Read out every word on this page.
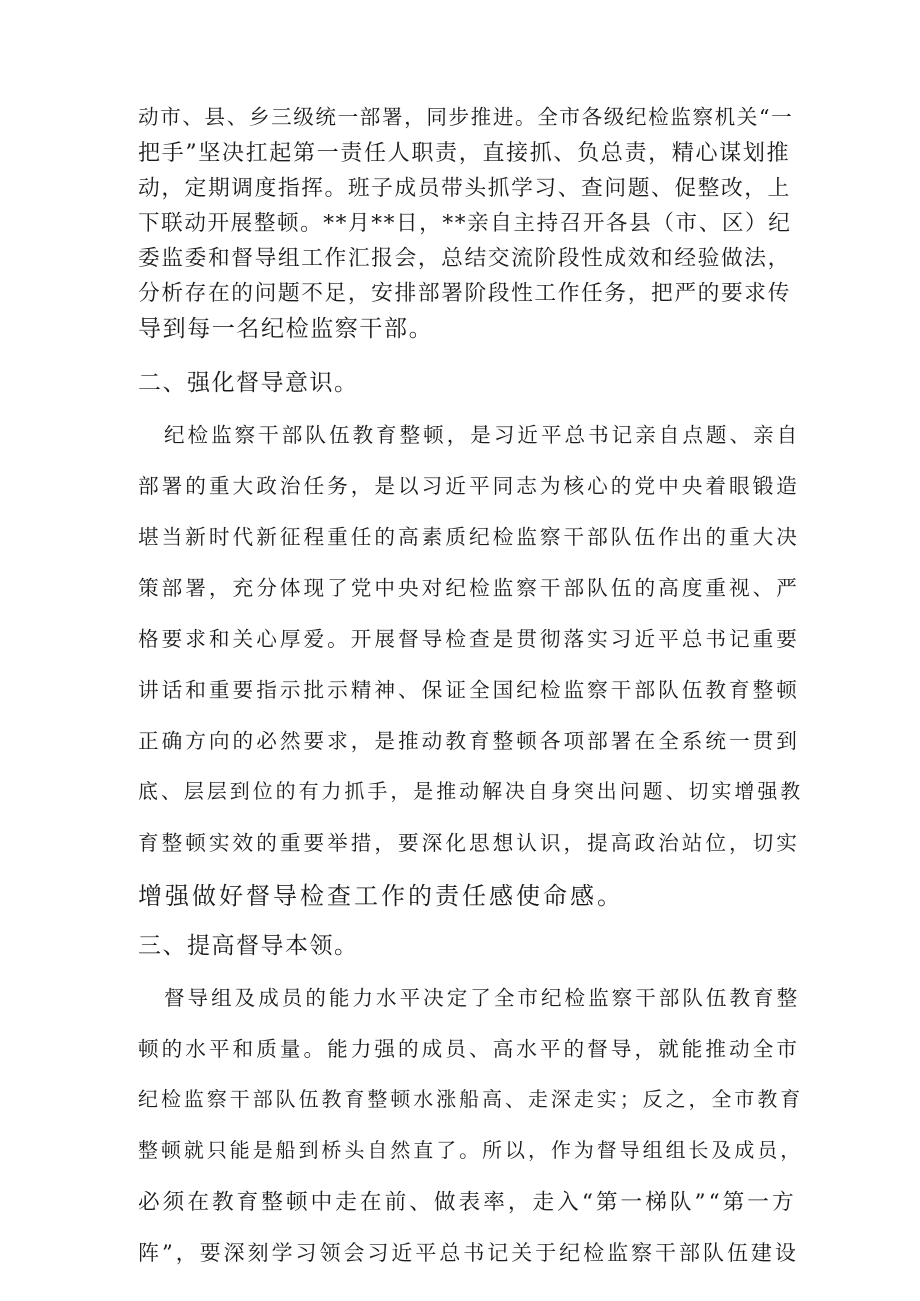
动市、县、乡三级统一部署，同步推进。全市各级纪检监察机关“一
把手”坚决扛起第一责任人职责，直接抓、负总责，精心谋划推
动，定期调度指挥。班子成员带头抓学习、查问题、促整改，上
下联动开展整顿。**月**日，**亲自主持召开各县（市、区）纪
委监委和督导组工作汇报会，总结交流阶段性成效和经验做法，
分析存在的问题不足，安排部署阶段性工作任务，把严的要求传
导到每一名纪检监察干部。
二、强化督导意识。
纪检监察干部队伍教育整顿，是习近平总书记亲自点题、亲自
部署的重大政治任务，是以习近平同志为核心的党中央着眼锻造
堪当新时代新征程重任的高素质纪检监察干部队伍作出的重大决
策部署，充分体现了党中央对纪检监察干部队伍的高度重视、严
格要求和关心厚爱。开展督导检查是贯彻落实习近平总书记重要
讲话和重要指示批示精神、保证全国纪检监察干部队伍教育整顿
正确方向的必然要求，是推动教育整顿各项部署在全系统一贯到
底、层层到位的有力抓手，是推动解决自身突出问题、切实增强教
育整顿实效的重要举措，要深化思想认识，提高政治站位，切实
增强做好督导检查工作的责任感使命感。
三、提高督导本领。
督导组及成员的能力水平决定了全市纪检监察干部队伍教育整
顿的水平和质量。能力强的成员、高水平的督导，就能推动全市
纪检监察干部队伍教育整顿水涨船高、走深走实；反之，全市教育
整顿就只能是船到桥头自然直了。所以，作为督导组组长及成员，
必须在教育整顿中走在前、做表率，走入“第一梯队”“第一方
阵”，要深刻学习领会习近平总书记关于纪检监察干部队伍建设
